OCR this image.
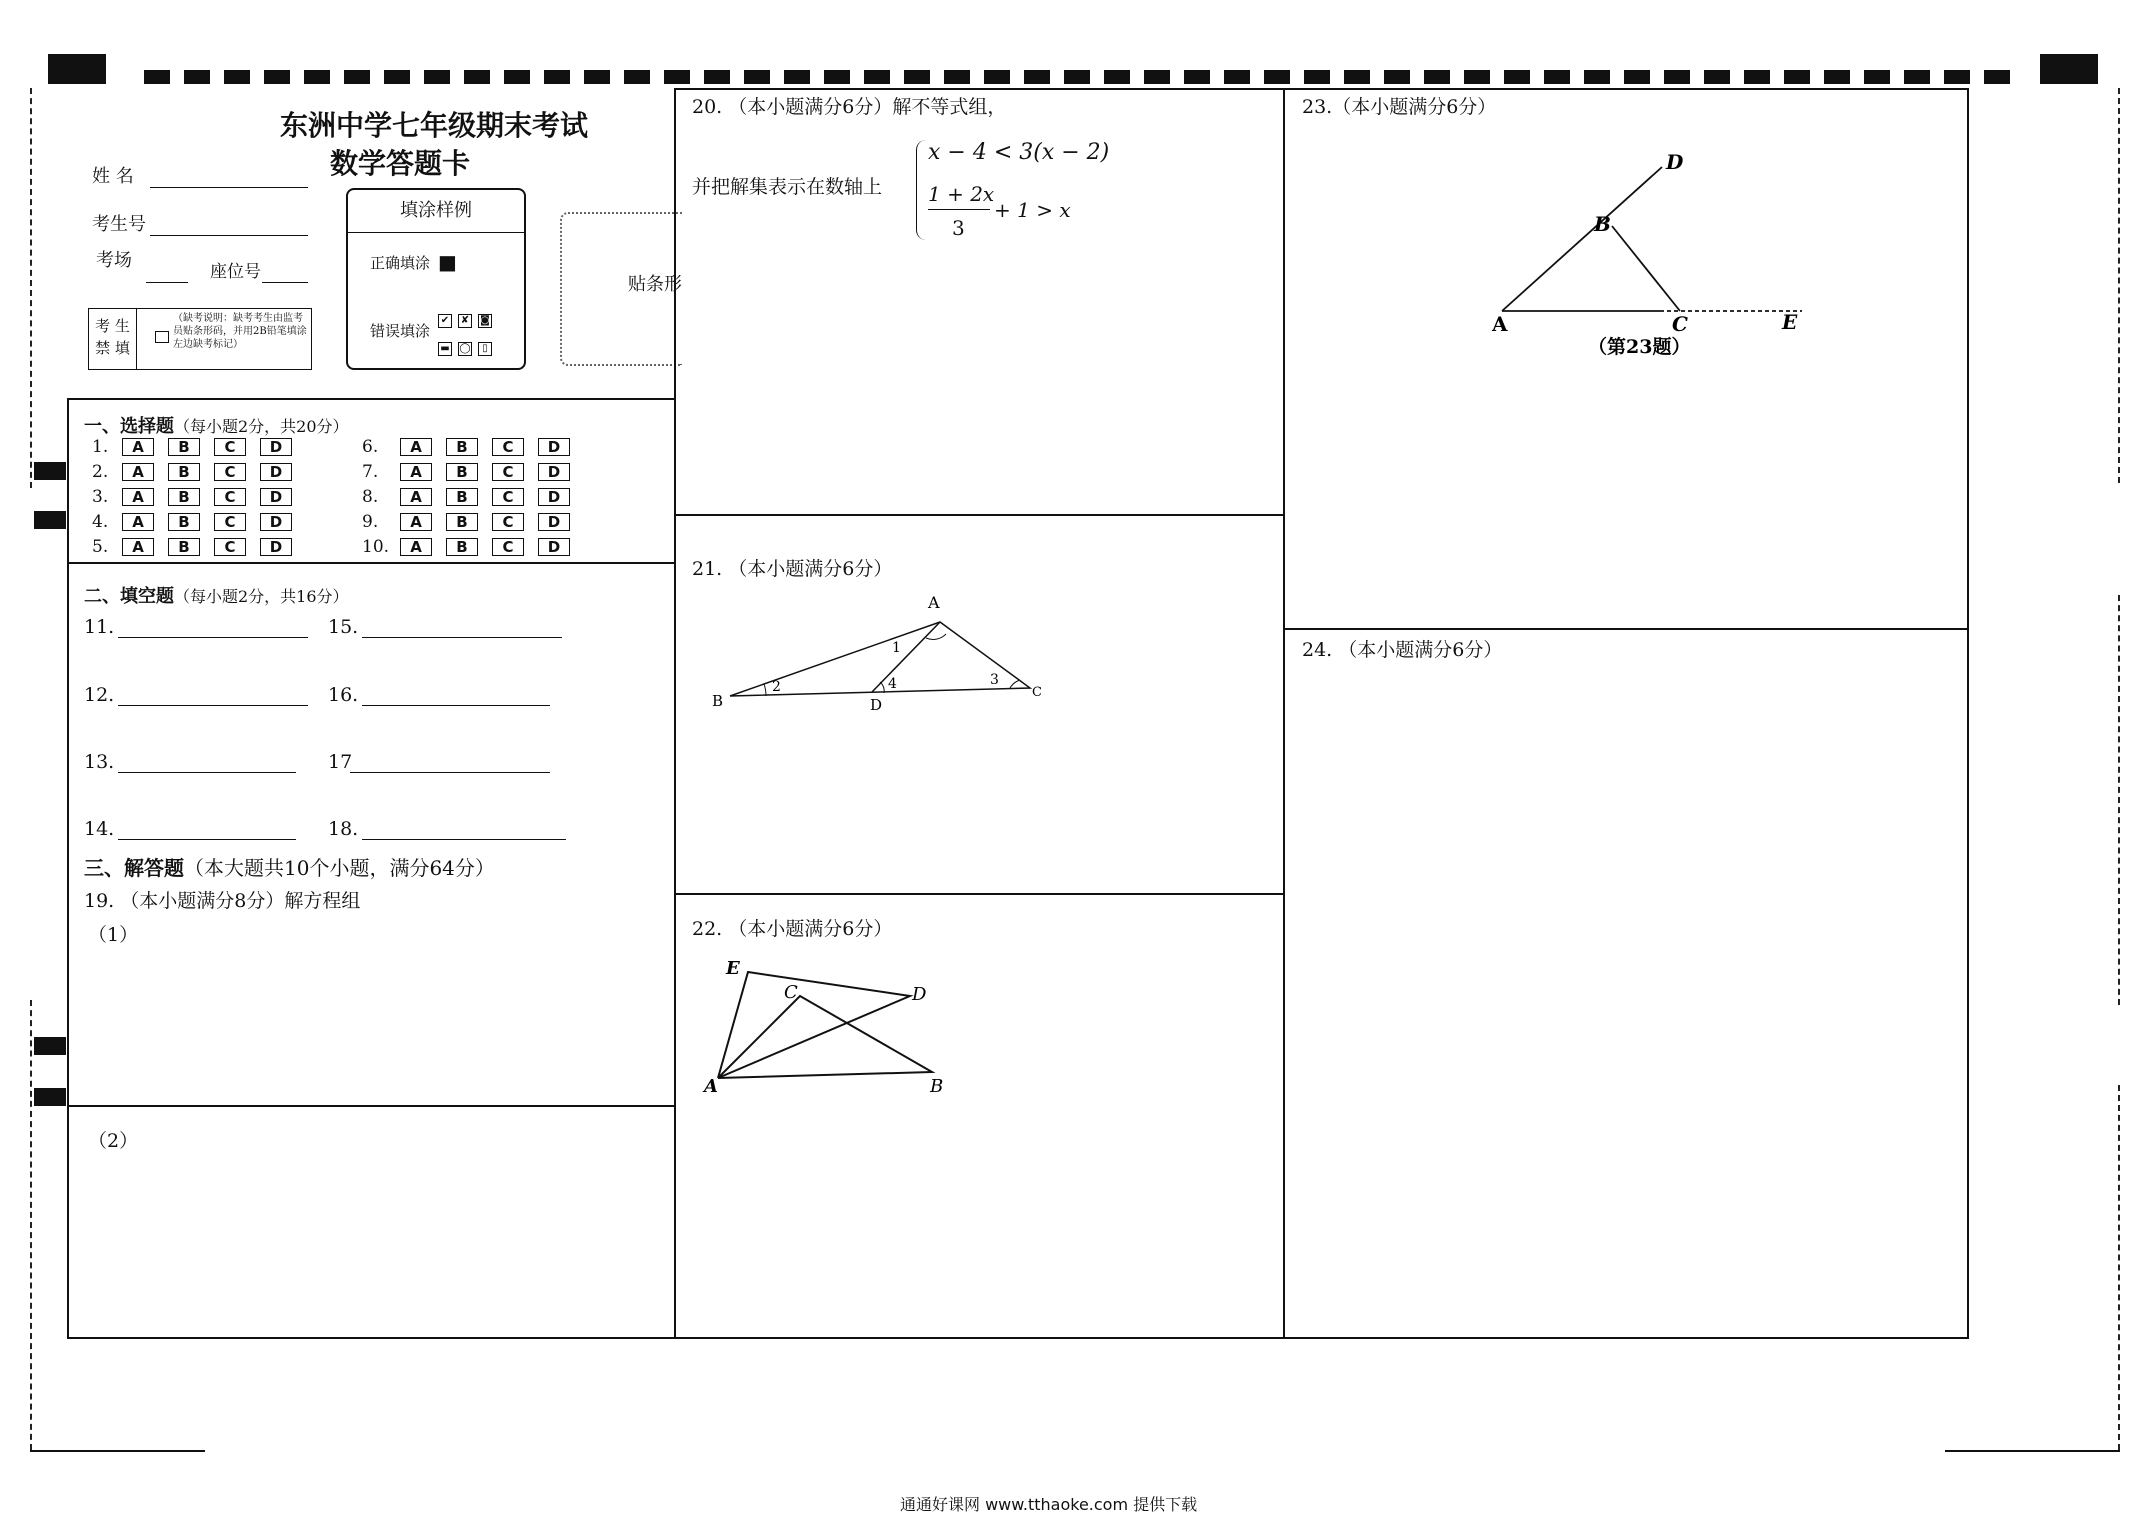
东洲中学七年级期末考试
数学答题卡
姓 名
考生号
考场
座位号
考 生
禁 填
（缺考说明：缺考考生由监考员贴条形码，并用2B铅笔填涂左边缺考标记）
填涂样例
正确填涂 ■
错误填涂
✔ ✘ ◙
▬ ◯ ▯
贴条形
一、选择题（每小题2分，共20分）
1.	A	B	C	D
2.	A	B	C	D
3.	A	B	C	D
4.	A	B	C	D
5.	A	B	C	D
6.	A	B	C	D
7.	A	B	C	D
8.	A	B	C	D
9.	A	B	C	D
10.	A	B	C	D
二、填空题（每小题2分，共16分）
11.	15.
12.	16.
13.	17
14.	18.
三、解答题（本大题共10个小题，满分64分）
19. （本小题满分8分）解方程组
（1）
（2）
20. （本小题满分6分）解不等式组，
并把解集表示在数轴上
x − 4 < 3(x − 2)
1 + 2x
3
+ 1 > x
21. （本小题满分6分）
A
B	D
C
1
2	3
4
22. （本小题满分6分）
E
C	D
A	B
23.（本小题满分6分）
D
B
A	C	E
（第23题）
24. （本小题满分6分）
通通好课网 www.tthaoke.com 提供下载
